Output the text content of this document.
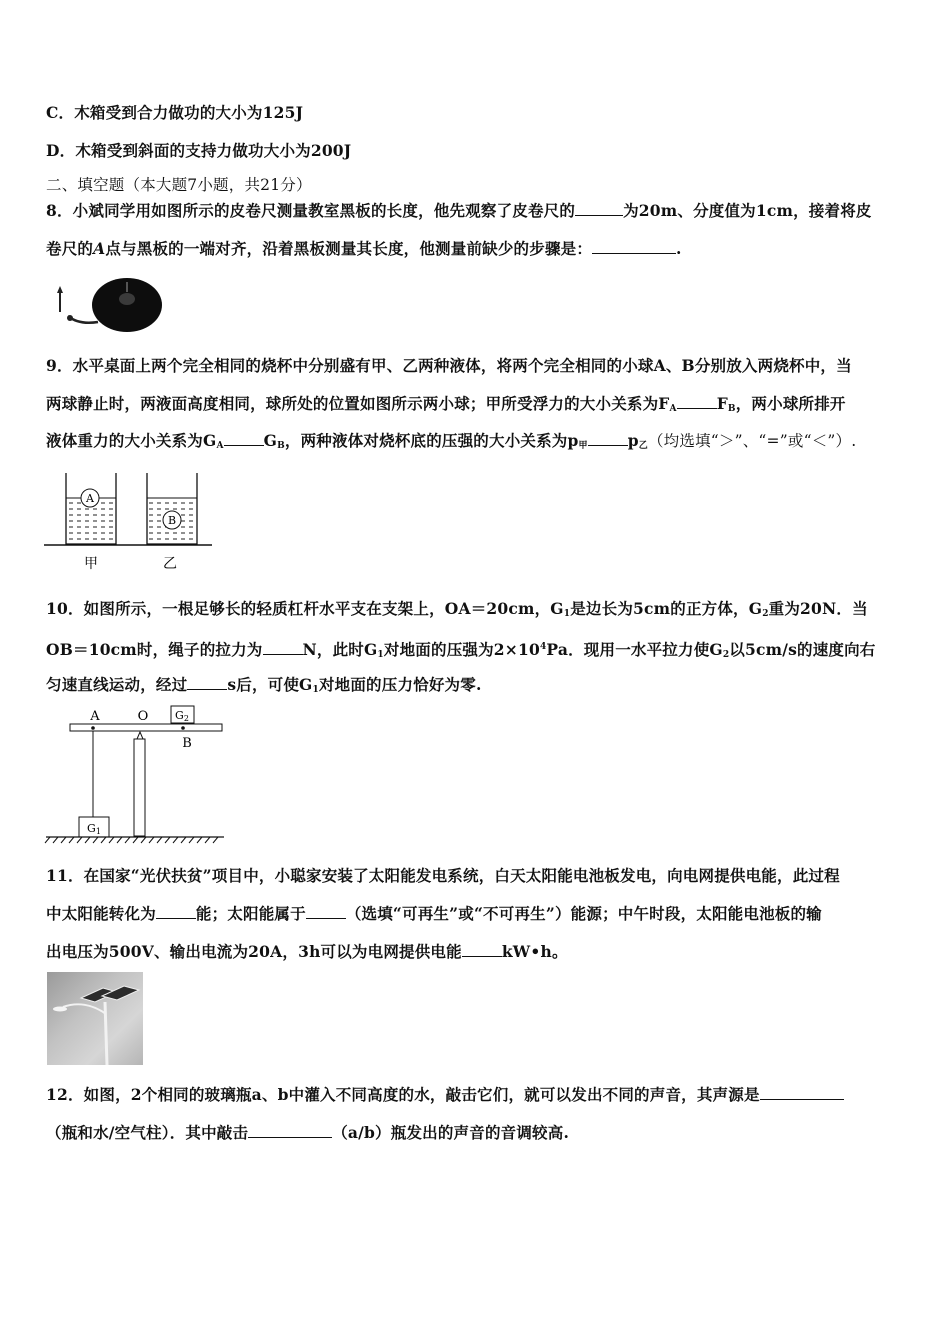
C．木箱受到合力做功的大小为125J
D．木箱受到斜面的支持力做功大小为200J
二、填空题（本大题7小题，共21分）
8．小斌同学用如图所示的皮卷尺测量教室黑板的长度，他先观察了皮卷尺的	为20m、分度值为1cm，接着将皮
卷尺的A点与黑板的一端对齐，沿着黑板测量其长度，他测量前缺少的步骤是：	.
9．水平桌面上两个完全相同的烧杯中分别盛有甲、乙两种液体，将两个完全相同的小球A、B分别放入两烧杯中，当
两球静止时，两液面高度相同，球所处的位置如图所示两小球；甲所受浮力的大小关系为$F_A$	$F_B$，两小球所排开
液体重力的大小关系为$G_A$	$G_B$，两种液体对烧杯底的压强的大小关系为$p_甲$	$p_乙$（均选填“＞”、“=”或“＜”）.
A
B
甲	乙
10．如图所示，一根足够长的轻质杠杆水平支在支架上，OA＝20cm，$G_1$是边长为5cm的正方体，$G_2$重为20N．当
OB＝10cm时，绳子的拉力为	N，此时$G_1$对地面的压强为$2\times 10^4Pa$．现用一水平拉力使$G_2$以5cm/s的速度向右
匀速直线运动，经过	s后，可使$G_1$对地面的压力恰好为零.
A	O G2
B
G1
11．在国家“光伏扶贫”项目中，小聪家安装了太阳能发电系统，白天太阳能电池板发电，向电网提供电能，此过程
中太阳能转化为	能；太阳能属于	（选填“可再生”或“不可再生”）能源；中午时段，太阳能电池板的输
出电压为500V、输出电流为20A，3h可以为电网提供电能	kW•h。
12．如图，2个相同的玻璃瓶a、b中灌入不同高度的水，敲击它们，就可以发出不同的声音，其声源是
（瓶和水/空气柱）．其中敲击	（a/b）瓶发出的声音的音调较高.
